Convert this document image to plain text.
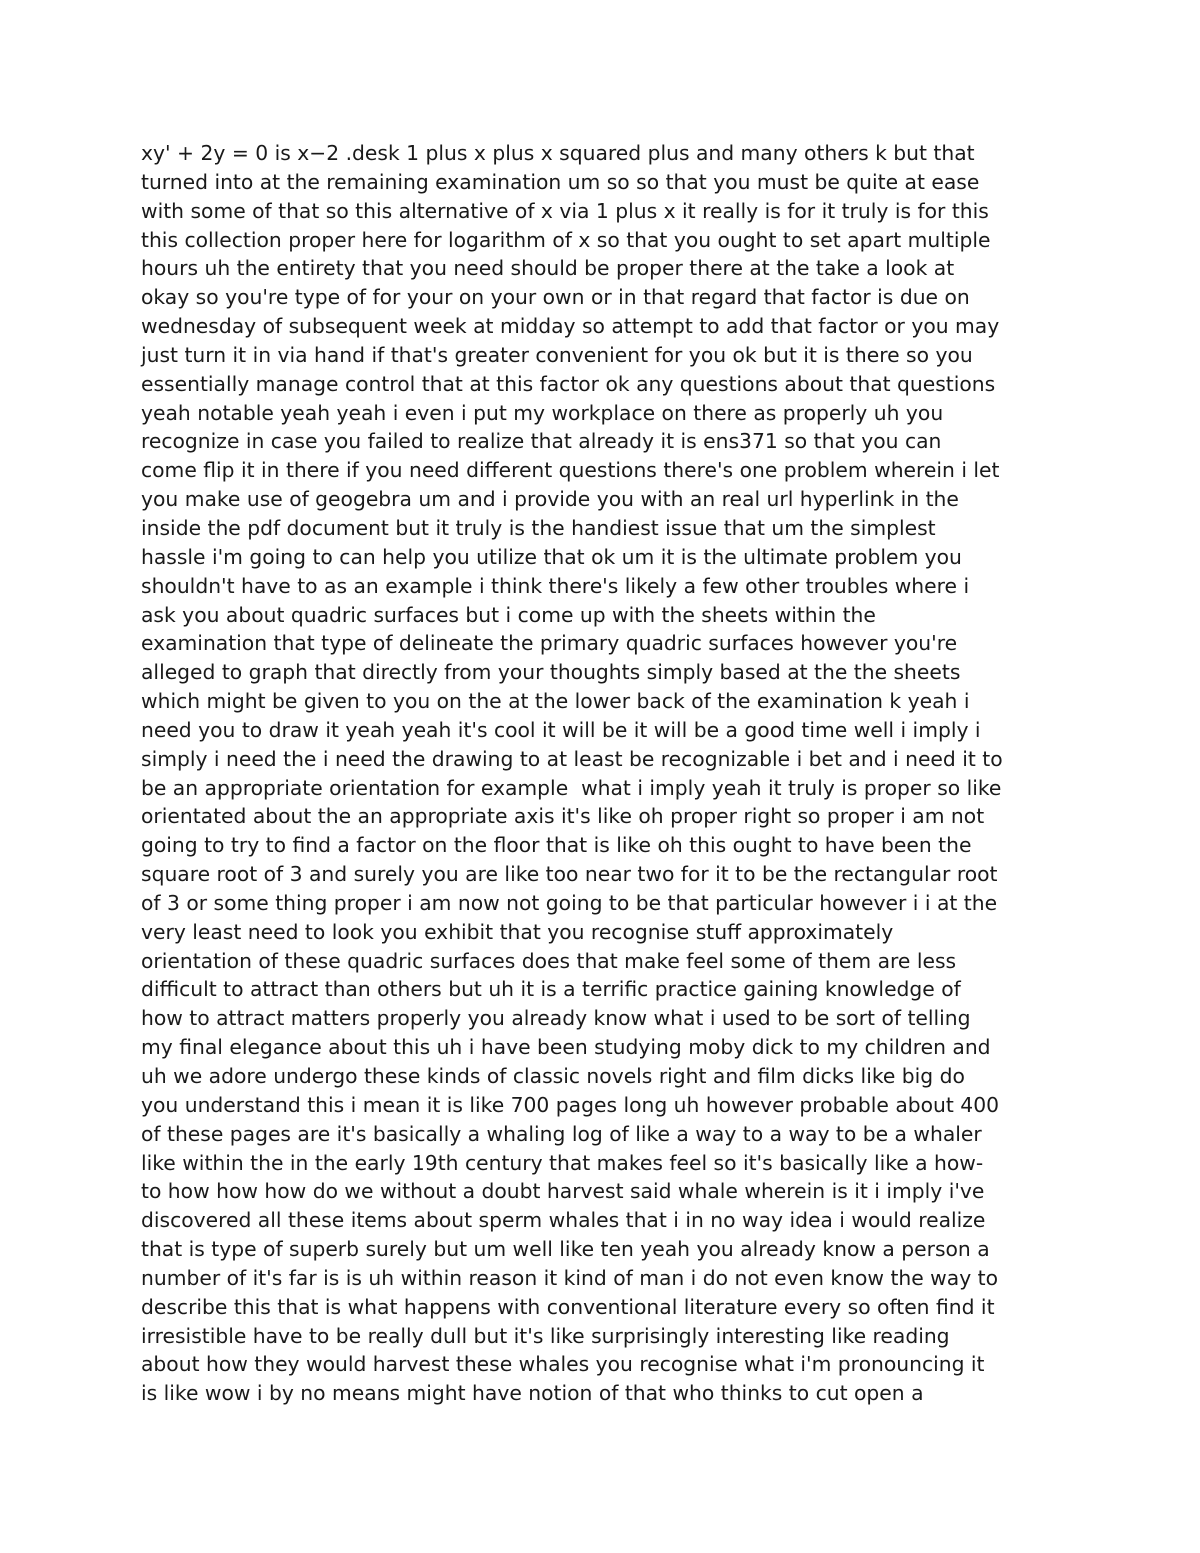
xy' + 2y = 0 is x−2 .desk 1 plus x plus x squared plus and many others k but that
turned into at the remaining examination um so so that you must be quite at ease
with some of that so this alternative of x via 1 plus x it really is for it truly is for this
this collection proper here for logarithm of x so that you ought to set apart multiple
hours uh the entirety that you need should be proper there at the take a look at
okay so you're type of for your on your own or in that regard that factor is due on
wednesday of subsequent week at midday so attempt to add that factor or you may
just turn it in via hand if that's greater convenient for you ok but it is there so you
essentially manage control that at this factor ok any questions about that questions
yeah notable yeah yeah i even i put my workplace on there as properly uh you
recognize in case you failed to realize that already it is ens371 so that you can
come flip it in there if you need different questions there's one problem wherein i let
you make use of geogebra um and i provide you with an real url hyperlink in the
inside the pdf document but it truly is the handiest issue that um the simplest
hassle i'm going to can help you utilize that ok um it is the ultimate problem you
shouldn't have to as an example i think there's likely a few other troubles where i
ask you about quadric surfaces but i come up with the sheets within the
examination that type of delineate the primary quadric surfaces however you're
alleged to graph that directly from your thoughts simply based at the the sheets
which might be given to you on the at the lower back of the examination k yeah i
need you to draw it yeah yeah it's cool it will be it will be a good time well i imply i
simply i need the i need the drawing to at least be recognizable i bet and i need it to
be an appropriate orientation for example  what i imply yeah it truly is proper so like
orientated about the an appropriate axis it's like oh proper right so proper i am not
going to try to find a factor on the floor that is like oh this ought to have been the
square root of 3 and surely you are like too near two for it to be the rectangular root
of 3 or some thing proper i am now not going to be that particular however i i at the
very least need to look you exhibit that you recognise stuff approximately
orientation of these quadric surfaces does that make feel some of them are less
difficult to attract than others but uh it is a terrific practice gaining knowledge of
how to attract matters properly you already know what i used to be sort of telling
my final elegance about this uh i have been studying moby dick to my children and
uh we adore undergo these kinds of classic novels right and film dicks like big do
you understand this i mean it is like 700 pages long uh however probable about 400
of these pages are it's basically a whaling log of like a way to a way to be a whaler
like within the in the early 19th century that makes feel so it's basically like a how-
to how how how do we without a doubt harvest said whale wherein is it i imply i've
discovered all these items about sperm whales that i in no way idea i would realize
that is type of superb surely but um well like ten yeah you already know a person a
number of it's far is is uh within reason it kind of man i do not even know the way to
describe this that is what happens with conventional literature every so often find it
irresistible have to be really dull but it's like surprisingly interesting like reading
about how they would harvest these whales you recognise what i'm pronouncing it
is like wow i by no means might have notion of that who thinks to cut open a
